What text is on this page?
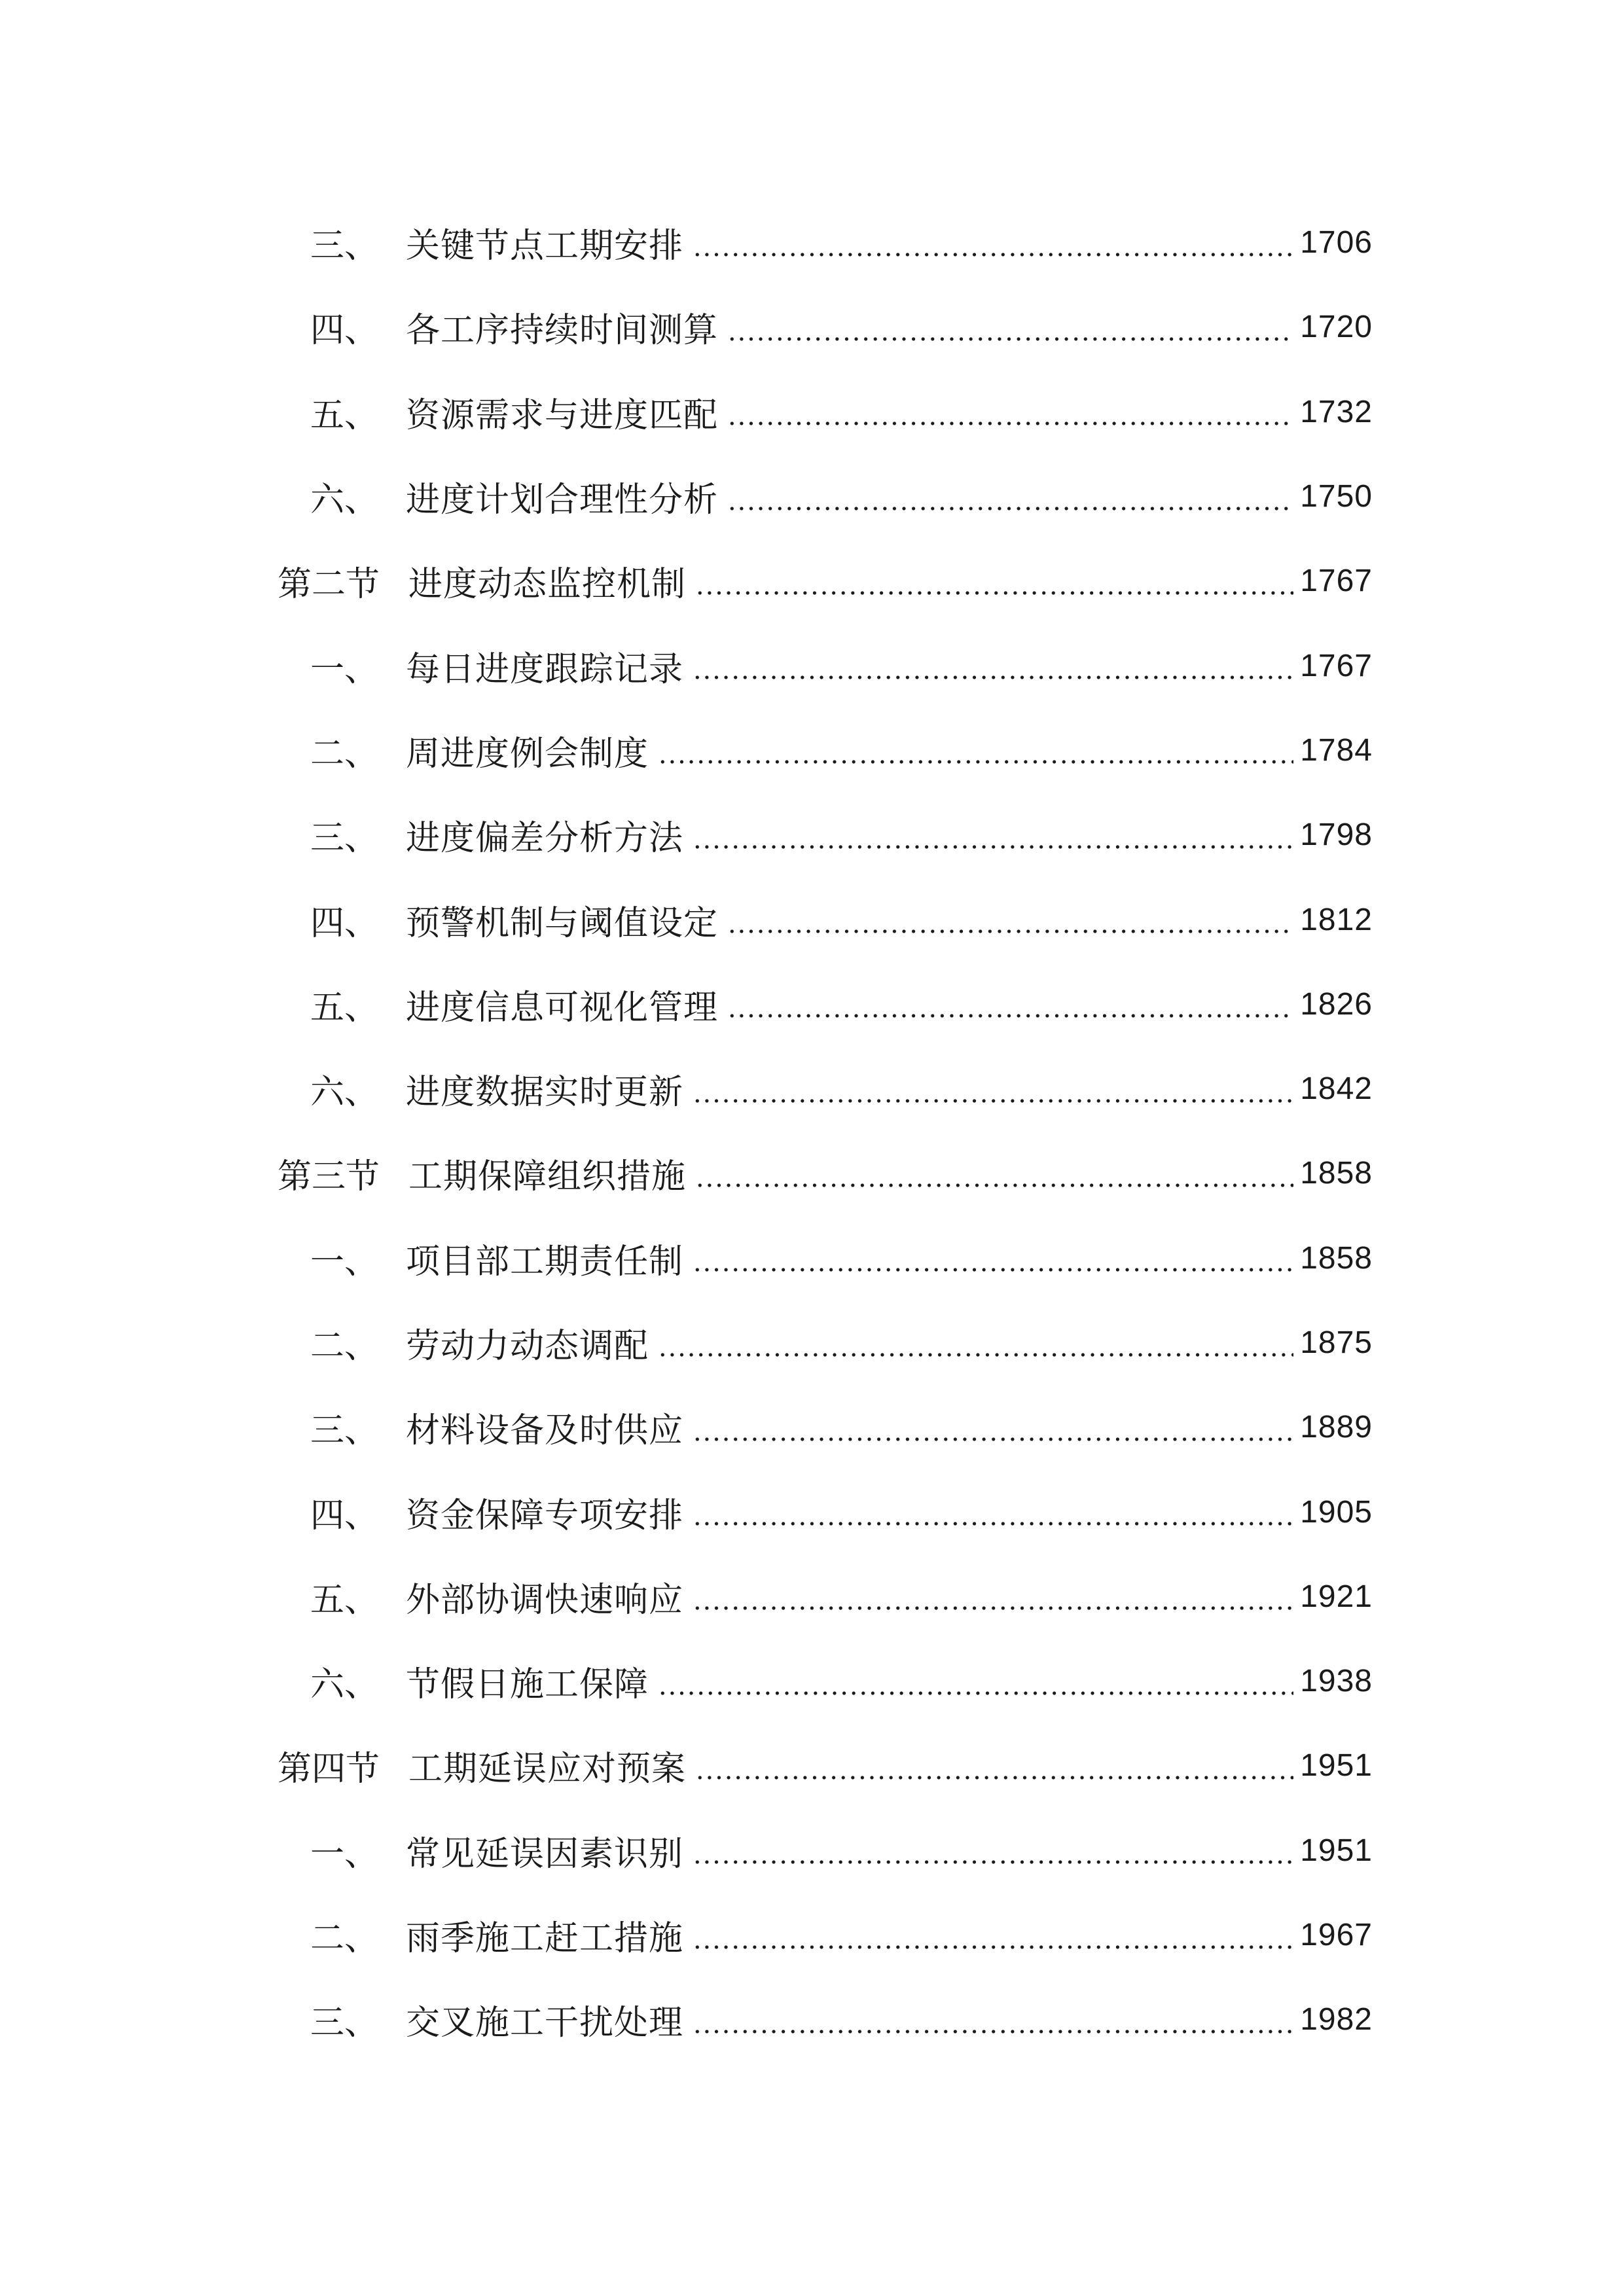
三、 关键节点工期安排	1706
四、 各工序持续时间测算	1720
五、 资源需求与进度匹配	1732
六、 进度计划合理性分析	1750
第二节 进度动态监控机制	1767
一、 每日进度跟踪记录	1767
二、 周进度例会制度	1784
三、 进度偏差分析方法	1798
四、 预警机制与阈值设定	1812
五、 进度信息可视化管理	1826
六、 进度数据实时更新	1842
第三节 工期保障组织措施	1858
一、 项目部工期责任制	1858
二、 劳动力动态调配	1875
三、 材料设备及时供应	1889
四、 资金保障专项安排	1905
五、 外部协调快速响应	1921
六、 节假日施工保障	1938
第四节 工期延误应对预案	1951
一、 常见延误因素识别	1951
二、 雨季施工赶工措施	1967
三、 交叉施工干扰处理	1982
